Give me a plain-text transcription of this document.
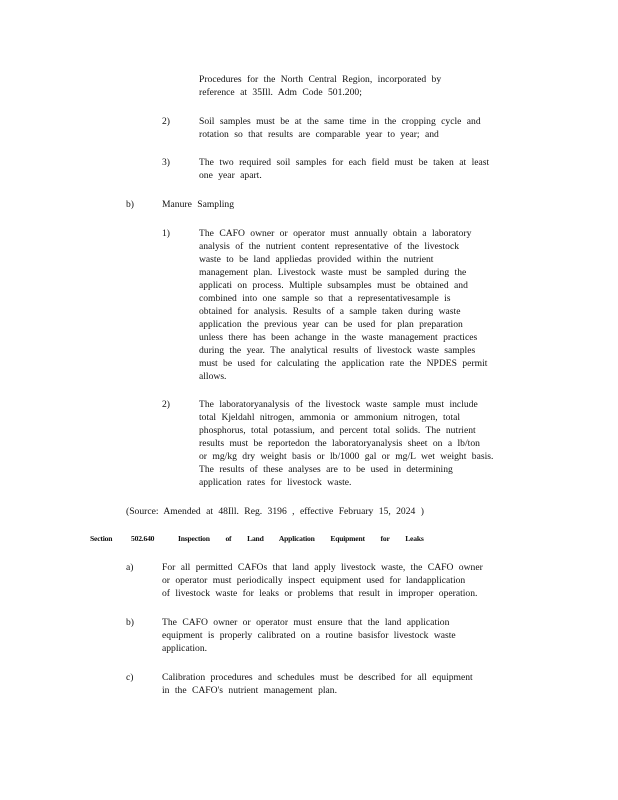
Procedures for the North Central Region, incorporated by
reference at 35Ill. Adm Code 501.200;
2)	Soil samples must be at the same time in the cropping cycle and
rotation so that results are comparable year to year; and
3)	The two required soil samples for each field must be taken at least
one year apart.
b)	Manure Sampling
1)	The CAFO owner or operator must annually obtain a laboratory
analysis of the nutrient content representative of the livestock
waste to be land appliedas provided within the nutrient
management plan. Livestock waste must be sampled during the
applicati on process. Multiple subsamples must be obtained and
combined into one sample so that a representativesample is
obtained for analysis. Results of a sample taken during waste
application the previous year can be used for plan preparation
unless there has been achange in the waste management practices
during the year. The analytical results of livestock waste samples
must be used for calculating the application rate the NPDES permit
allows.
2)	The laboratoryanalysis of the livestock waste sample must include
total Kjeldahl nitrogen, ammonia or ammonium nitrogen, total
phosphorus, total potassium, and percent total solids. The nutrient
results must be reportedon the laboratoryanalysis sheet on a lb/ton
or mg/kg dry weight basis or lb/1000 gal or mg/L wet weight basis.
The results of these analyses are to be used in determining
application rates for livestock waste.
(Source: Amended at 48Ill. Reg. 3196 , effective February 15, 2024 )
Section 502.640	Inspection of Land Application Equipment for Leaks
a)	For all permitted CAFOs that land apply livestock waste, the CAFO owner
or operator must periodically inspect equipment used for landapplication
of livestock waste for leaks or problems that result in improper operation.
b)	The CAFO owner or operator must ensure that the land application
equipment is properly calibrated on a routine basisfor livestock waste
application.
c)	Calibration procedures and schedules must be described for all equipment
in the CAFO's nutrient management plan.
